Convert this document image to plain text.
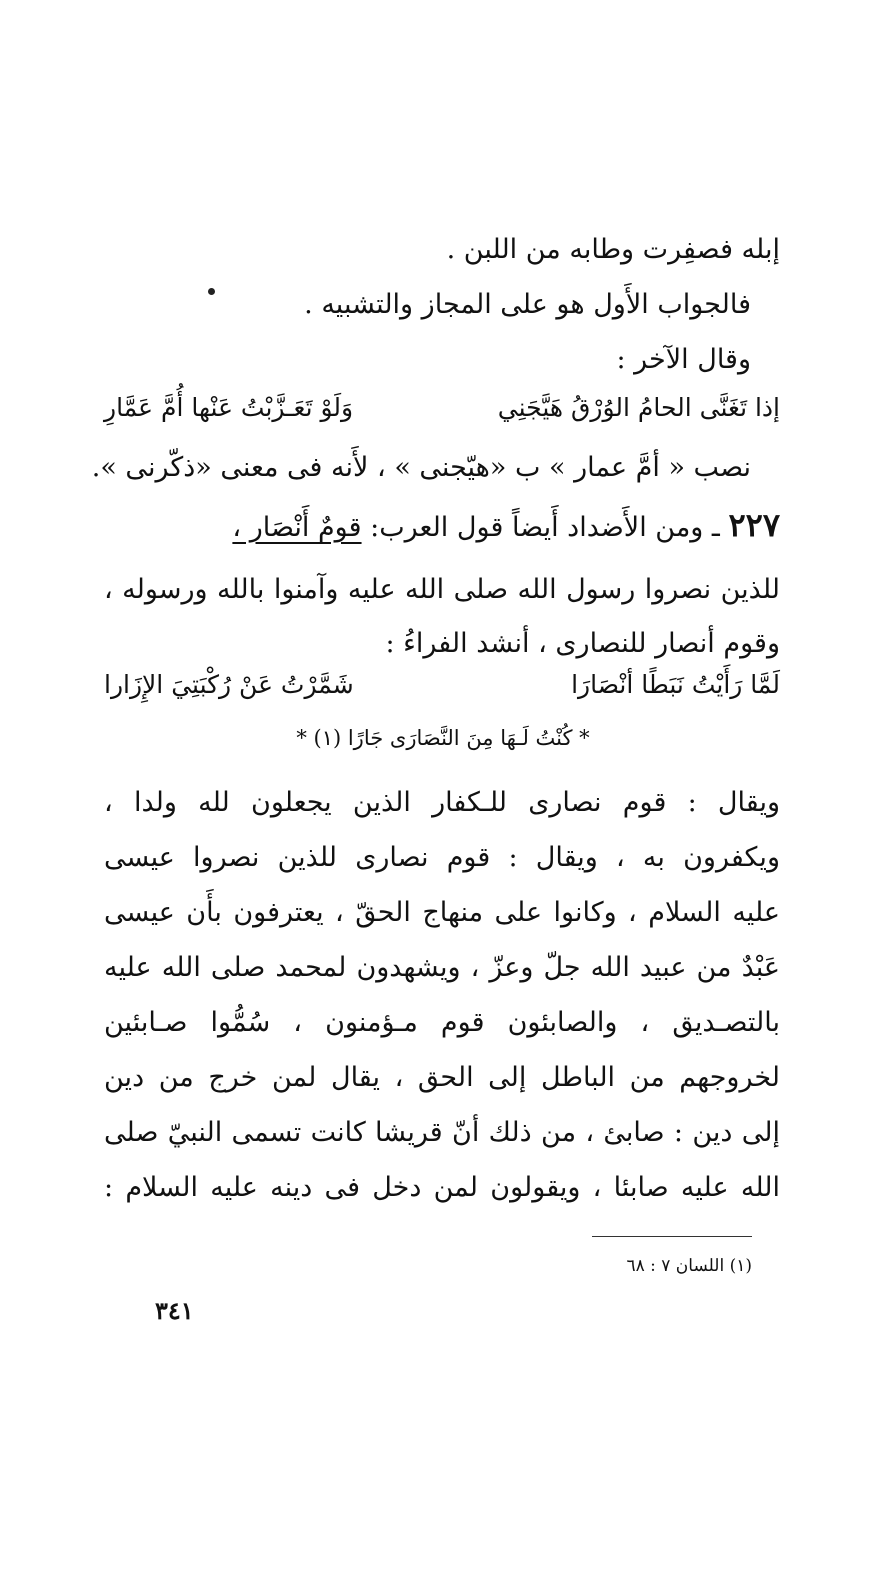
إبله فصفِرت وطابه من اللبن .
فالجواب الأَول هو على المجاز والتشبيه .
وقال الآخر :
إذا تَغَنَّى الحامُ الوُرْقُ هَيَّجَنِي
وَلَوْ تَعَـزَّبْتُ عَنْها أُمَّ عَمَّارِ
نصب « أمَّ عمار » ب «هيّجنى » ، لأَنه فى معنى «ذكّرنى ».
٢٢٧ ـ ومن الأَضداد أَيضاً قول العرب: قومٌ أَنْصَار ،
للذين نصروا رسول الله صلى الله عليه وآمنوا بالله ورسوله ،
وقوم أنصار للنصارى ، أنشد الفراءُ :
لَمَّا رَأَيْتُ نَبَطًا أنْصَارَا
شَمَّرْتُ عَنْ رُكْبَتِيَ الإِزَارا
* كُنْتُ لَـهَا مِنَ النَّصَارَى جَارًا (١) *
ويقال : قوم نصارى للـكفار الذين يجعلون لله ولدا ،
ويكفرون به ، ويقال : قوم نصارى للذين نصروا عيسى
عليه السلام ، وكانوا على منهاج الحقّ ، يعترفون بأَن عيسى
عَبْدٌ من عبيد الله جلّ وعزّ ، ويشهدون لمحمد صلى الله عليه
بالتصـديق ، والصابئون قوم مـؤمنون ، سُمُّوا صـابئين
لخروجهم من الباطل إلى الحق ، يقال لمن خرج من دين
إلى دين : صابئ ، من ذلك أنّ قريشا كانت تسمى النبيّ صلى
الله عليه صابئا ، ويقولون لمن دخل فى دينه عليه السلام :
(١) اللسان ٧ : ٦٨
٣٤١
